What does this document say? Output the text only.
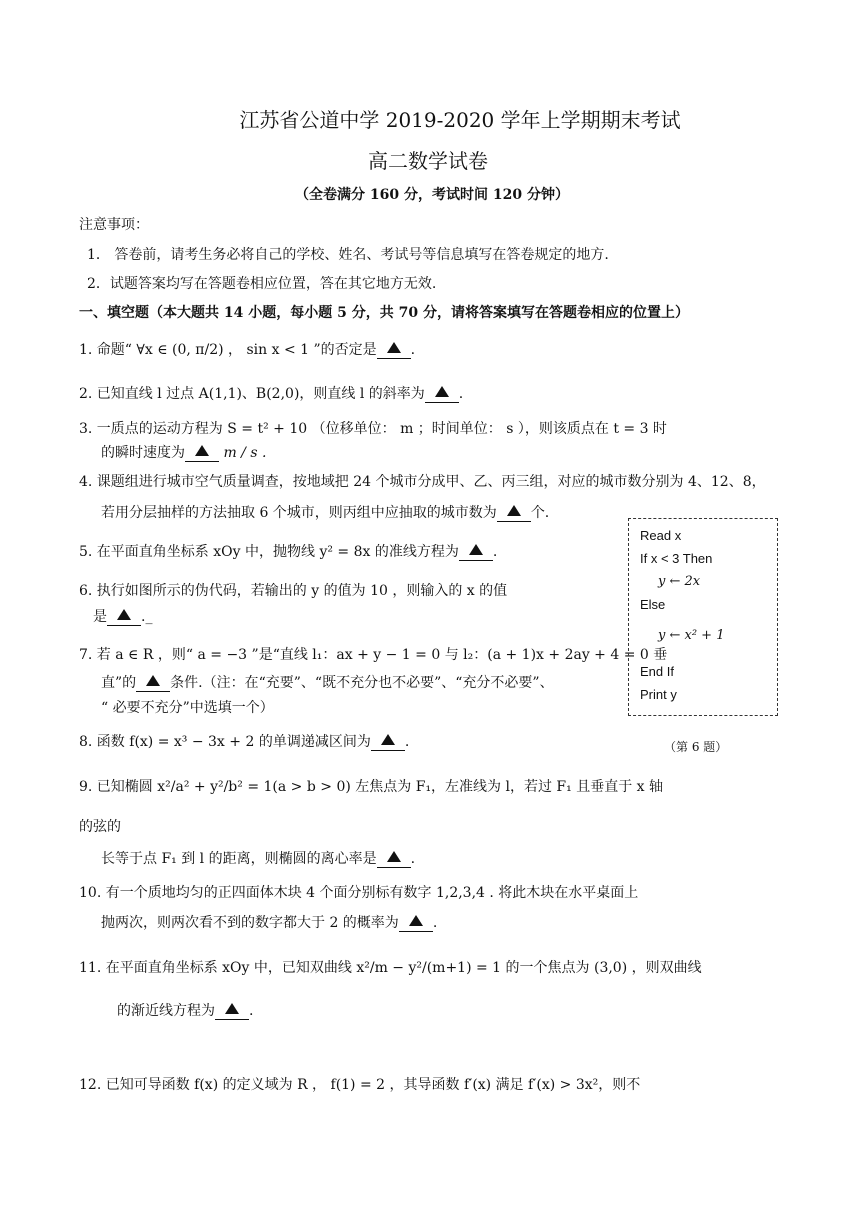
江苏省公道中学 2019-2020 学年上学期期末考试
高二数学试卷
（全卷满分 160 分，考试时间 120 分钟）
注意事项：
1． 答卷前，请考生务必将自己的学校、姓名、考试号等信息填写在答卷规定的地方.
2．试题答案均写在答题卷相应位置，答在其它地方无效.
一、填空题（本大题共 14 小题，每小题 5 分，共 70 分，请将答案填写在答题卷相应的位置上）
1. 命题“ ∀x ∈ (0, π/2) ， sin x < 1 ”的否定是 .
2. 已知直线 l 过点 A(1,1)、B(2,0)，则直线 l 的斜率为 .
3. 一质点的运动方程为 S = t² + 10 （位移单位： m ；时间单位： s ），则该质点在 t = 3 时
的瞬时速度为 m / s .
4. 课题组进行城市空气质量调查，按地域把 24 个城市分成甲、乙、丙三组，对应的城市数分别为 4、12、8，
若用分层抽样的方法抽取 6 个城市，则丙组中应抽取的城市数为 个.
5. 在平面直角坐标系 xOy 中，抛物线 y² = 8x 的准线方程为 .
6. 执行如图所示的伪代码，若输出的 y 的值为 10 ，则输入的 x 的值
是 ._
7. 若 a ∈ R ，则“ a = −3 ”是“直线 l₁：ax + y − 1 = 0 与 l₂：(a + 1)x + 2ay + 4 = 0 垂
直”的 条件.（注：在“充要”、“既不充分也不必要”、“充分不必要”、
“ 必要不充分”中选填一个）
8. 函数 f(x) = x³ − 3x + 2 的单调递减区间为 .
9. 已知椭圆 x²/a² + y²/b² = 1(a > b > 0) 左焦点为 F₁，左准线为 l，若过 F₁ 且垂直于 x 轴
的弦的
长等于点 F₁ 到 l 的距离，则椭圆的离心率是 .
10. 有一个质地均匀的正四面体木块 4 个面分别标有数字 1,2,3,4 . 将此木块在水平桌面上
抛两次，则两次看不到的数字都大于 2 的概率为 .
11. 在平面直角坐标系 xOy 中，已知双曲线 x²/m − y²/(m+1) = 1 的一个焦点为 (3,0) ，则双曲线
的渐近线方程为 .
12. 已知可导函数 f(x) 的定义域为 R ， f(1) = 2 ，其导函数 f′(x) 满足 f′(x) > 3x²，则不
Read x
If x < 3 Then
y ← 2x
Else
y ← x² + 1
End If
Print y
（第 6 题）
